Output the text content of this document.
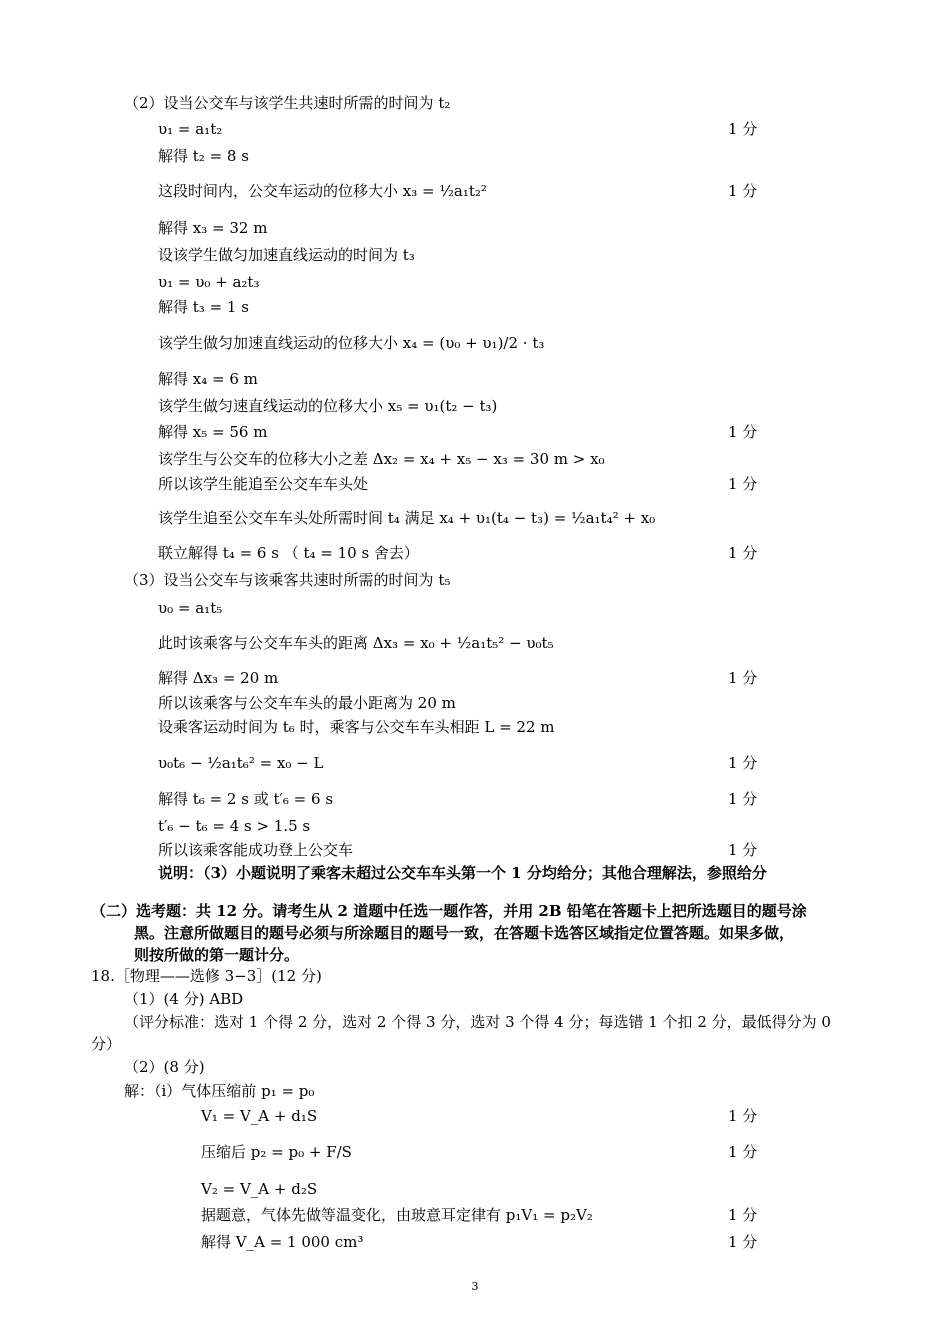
（2）设当公交车与该学生共速时所需的时间为 t₂
υ₁ = a₁t₂	1 分
解得 t₂ = 8 s
这段时间内，公交车运动的位移大小 x₃ = ½a₁t₂²	1 分
解得 x₃ = 32 m
设该学生做匀加速直线运动的时间为 t₃
υ₁ = υ₀ + a₂t₃
解得 t₃ = 1 s
该学生做匀加速直线运动的位移大小 x₄ = (υ₀ + υ₁)/2 · t₃
解得 x₄ = 6 m
该学生做匀速直线运动的位移大小 x₅ = υ₁(t₂ − t₃)
解得 x₅ = 56 m	1 分
该学生与公交车的位移大小之差 Δx₂ = x₄ + x₅ − x₃ = 30 m > x₀
所以该学生能追至公交车车头处	1 分
该学生追至公交车车头处所需时间 t₄ 满足 x₄ + υ₁(t₄ − t₃) = ½a₁t₄² + x₀
联立解得 t₄ = 6 s （ t₄ = 10 s 舍去）	1 分
（3）设当公交车与该乘客共速时所需的时间为 t₅
υ₀ = a₁t₅
此时该乘客与公交车车头的距离 Δx₃ = x₀ + ½a₁t₅² − υ₀t₅
解得 Δx₃ = 20 m	1 分
所以该乘客与公交车车头的最小距离为 20 m
设乘客运动时间为 t₆ 时，乘客与公交车车头相距 L = 22 m
υ₀t₆ − ½a₁t₆² = x₀ − L	1 分
解得 t₆ = 2 s 或 t′₆ = 6 s	1 分
t′₆ − t₆ = 4 s > 1.5 s
所以该乘客能成功登上公交车	1 分
说明：（3）小题说明了乘客未超过公交车车头第一个 1 分均给分；其他合理解法，参照给分
（二）选考题：共 12 分。请考生从 2 道题中任选一题作答，并用 2B 铅笔在答题卡上把所选题目的题号涂
黑。注意所做题目的题号必须与所涂题目的题号一致，在答题卡选答区域指定位置答题。如果多做，
则按所做的第一题计分。
18.［物理——选修 3−3］(12 分)
（1）(4 分) ABD
（评分标准：选对 1 个得 2 分，选对 2 个得 3 分，选对 3 个得 4 分；每选错 1 个扣 2 分，最低得分为 0
分）
（2）(8 分)
解：（ⅰ）气体压缩前 p₁ = p₀
V₁ = V_A + d₁S	1 分
压缩后 p₂ = p₀ + F/S	1 分
V₂ = V_A + d₂S
据题意，气体先做等温变化，由玻意耳定律有 p₁V₁ = p₂V₂	1 分
解得 V_A = 1 000 cm³	1 分
3
